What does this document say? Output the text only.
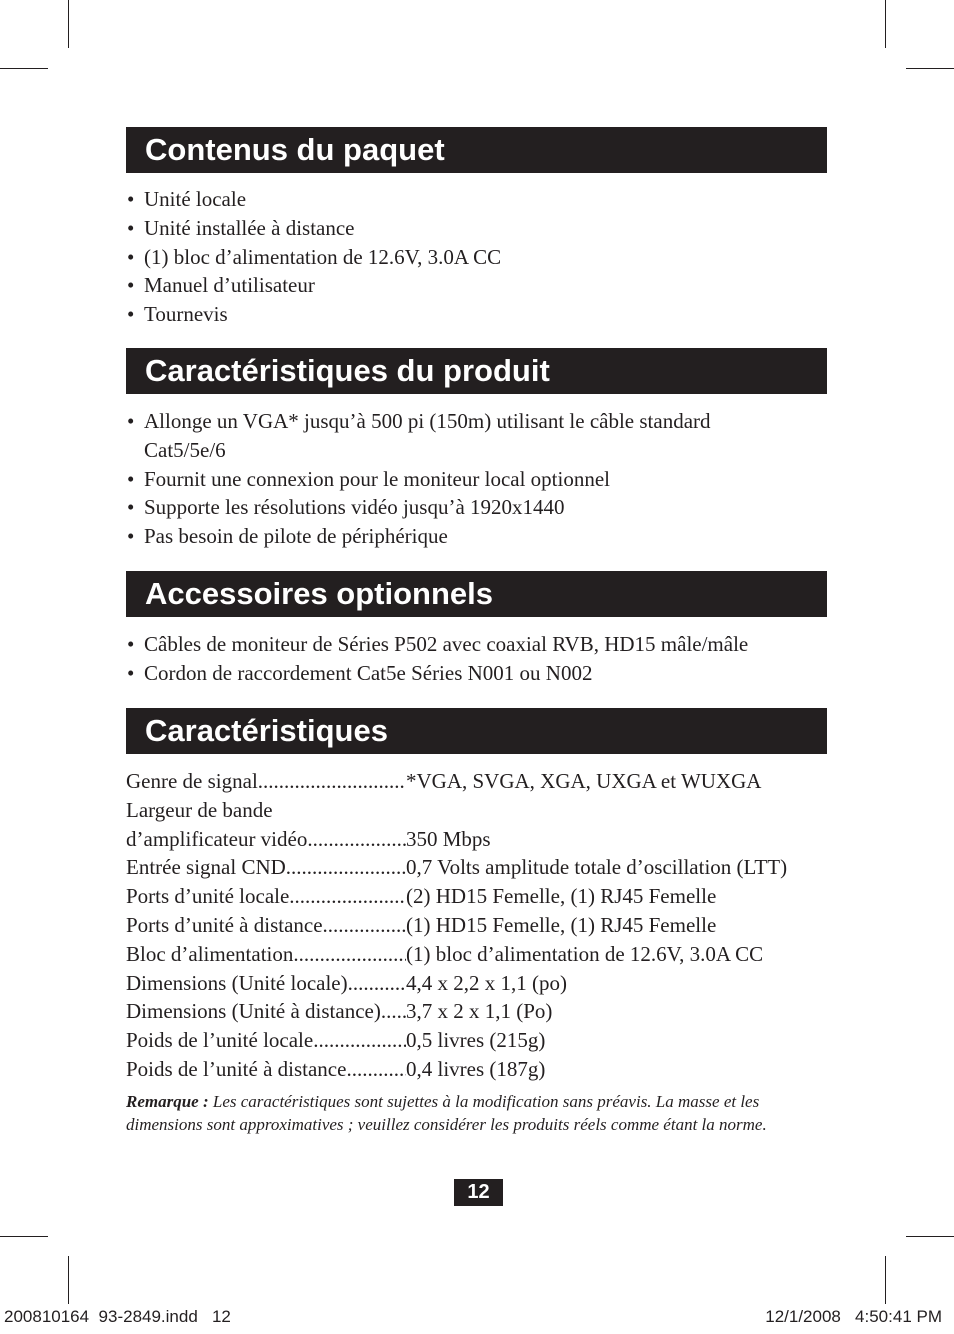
Contenus du paquet
• Unité locale
• Unité installée à distance
• (1) bloc d’alimentation de 12.6V, 3.0A CC
• Manuel d’utilisateur
• Tournevis
Caractéristiques du produit
• Allonge un VGA* jusqu’à 500 pi (150m) utilisant le câble standard Cat5/5e/6
• Fournit une connexion pour le moniteur local optionnel
• Supporte les résolutions vidéo jusqu’à 1920x1440
• Pas besoin de pilote de périphérique
Accessoires optionnels
• Câbles de moniteur de Séries P502 avec coaxial RVB, HD15 mâle/mâle
• Cordon de raccordement Cat5e Séries N001 ou N002
Caractéristiques
Genre de signal .....	*VGA, SVGA, XGA, UXGA et WUXGA
Largeur de bande
d’amplificateur vidéo .....	350 Mbps
Entrée signal CND .....	0,7 Volts amplitude totale d’oscillation (LTT)
Ports d’unité locale .....	(2) HD15 Femelle, (1) RJ45 Femelle
Ports d’unité à distance .....	(1) HD15 Femelle, (1) RJ45 Femelle
Bloc d’alimentation .....	(1) bloc d’alimentation de 12.6V, 3.0A CC
Dimensions (Unité locale) .....	4,4 x 2,2 x 1,1 (po)
Dimensions (Unité à distance) .....	3,7 x 2 x 1,1 (Po)
Poids de l’unité locale .....	0,5 livres (215g)
Poids de l’unité à distance .....	0,4 livres (187g)
Remarque : Les caractéristiques sont sujettes à la modification sans préavis. La masse et les dimensions sont approximatives ; veuillez considérer les produits réels comme étant la norme.
12
200810164  93-2849.indd   12	12/1/2008   4:50:41 PM
